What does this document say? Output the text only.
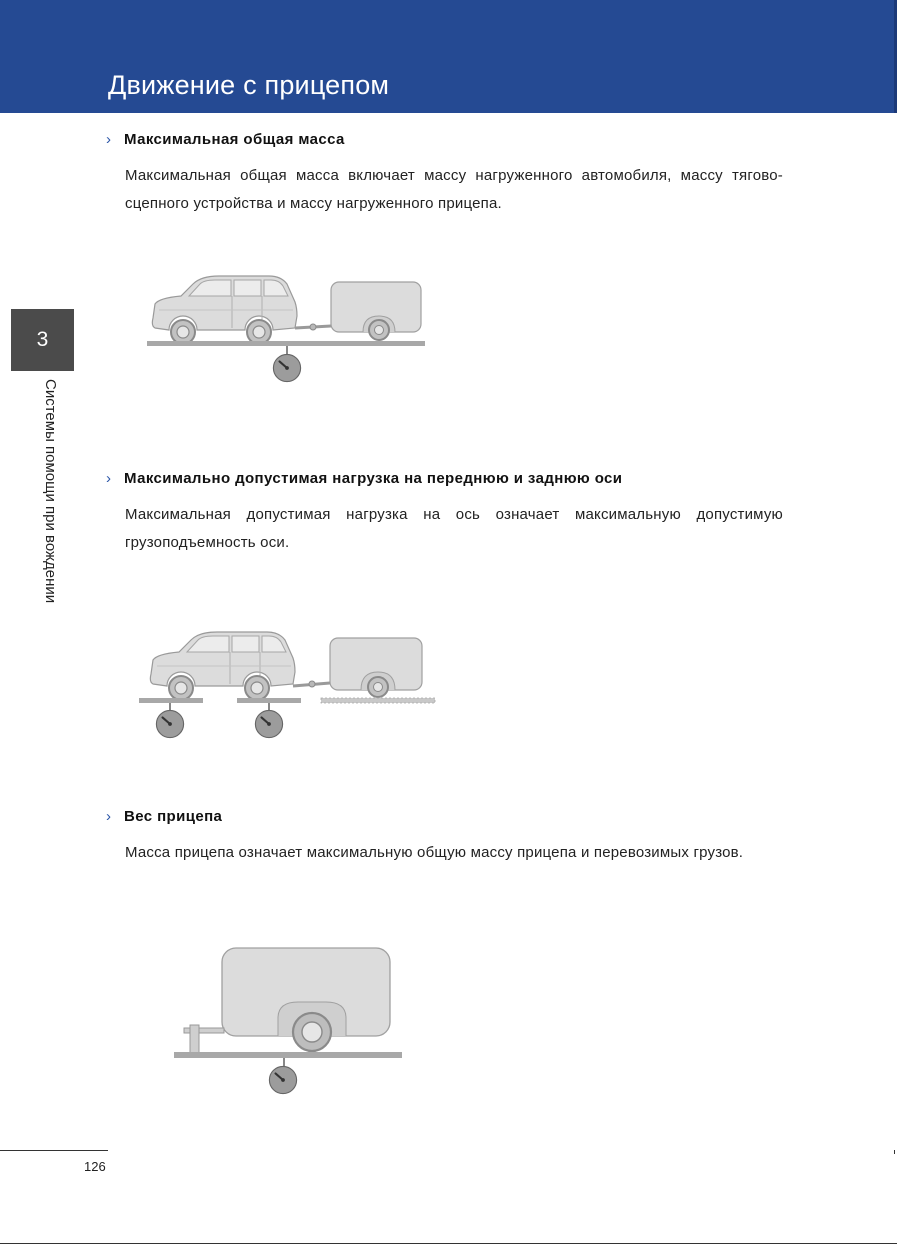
Движение с прицепом
3
Системы помощи при вождении
› Максимальная общая масса

Максимальная общая масса включает массу нагруженного автомобиля, массу тягово-сцепного устройства и массу нагруженного прицепа.

› Максимально допустимая нагрузка на переднюю и заднюю оси

Максимальная допустимая нагрузка на ось означает максимальную допустимую грузоподъемность оси.

› Вес прицепа

Масса прицепа означает максимальную общую массу прицепа и перевозимых грузов.

126
